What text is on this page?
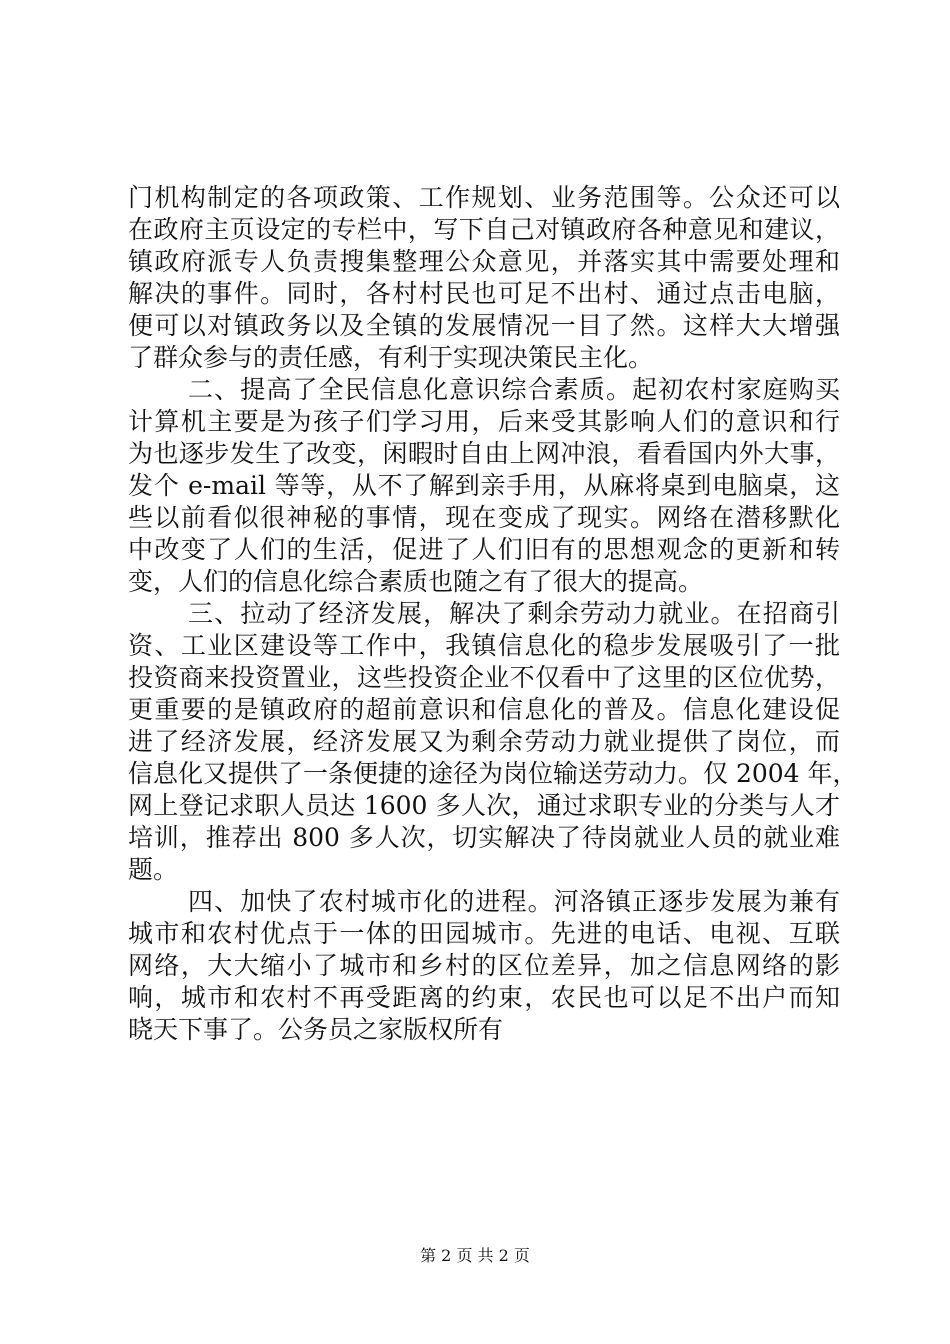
门机构制定的各项政策、工作规划、业务范围等。公众还可以
在政府主页设定的专栏中，写下自己对镇政府各种意见和建议，
镇政府派专人负责搜集整理公众意见，并落实其中需要处理和
解决的事件。同时，各村村民也可足不出村、通过点击电脑，
便可以对镇政务以及全镇的发展情况一目了然。这样大大增强
了群众参与的责任感，有利于实现决策民主化。
二、提高了全民信息化意识综合素质。起初农村家庭购买
计算机主要是为孩子们学习用，后来受其影响人们的意识和行
为也逐步发生了改变，闲暇时自由上网冲浪，看看国内外大事，
发个 e-mail 等等，从不了解到亲手用，从麻将桌到电脑桌，这
些以前看似很神秘的事情，现在变成了现实。网络在潜移默化
中改变了人们的生活，促进了人们旧有的思想观念的更新和转
变，人们的信息化综合素质也随之有了很大的提高。
三、拉动了经济发展，解决了剩余劳动力就业。在招商引
资、工业区建设等工作中，我镇信息化的稳步发展吸引了一批
投资商来投资置业，这些投资企业不仅看中了这里的区位优势，
更重要的是镇政府的超前意识和信息化的普及。信息化建设促
进了经济发展，经济发展又为剩余劳动力就业提供了岗位，而
信息化又提供了一条便捷的途径为岗位输送劳动力。仅 2004 年，
网上登记求职人员达 1600 多人次，通过求职专业的分类与人才
培训，推荐出 800 多人次，切实解决了待岗就业人员的就业难
题。
四、加快了农村城市化的进程。河洛镇正逐步发展为兼有
城市和农村优点于一体的田园城市。先进的电话、电视、互联
网络，大大缩小了城市和乡村的区位差异，加之信息网络的影
响，城市和农村不再受距离的约束，农民也可以足不出户而知
晓天下事了。公务员之家版权所有
第 2 页 共 2 页
